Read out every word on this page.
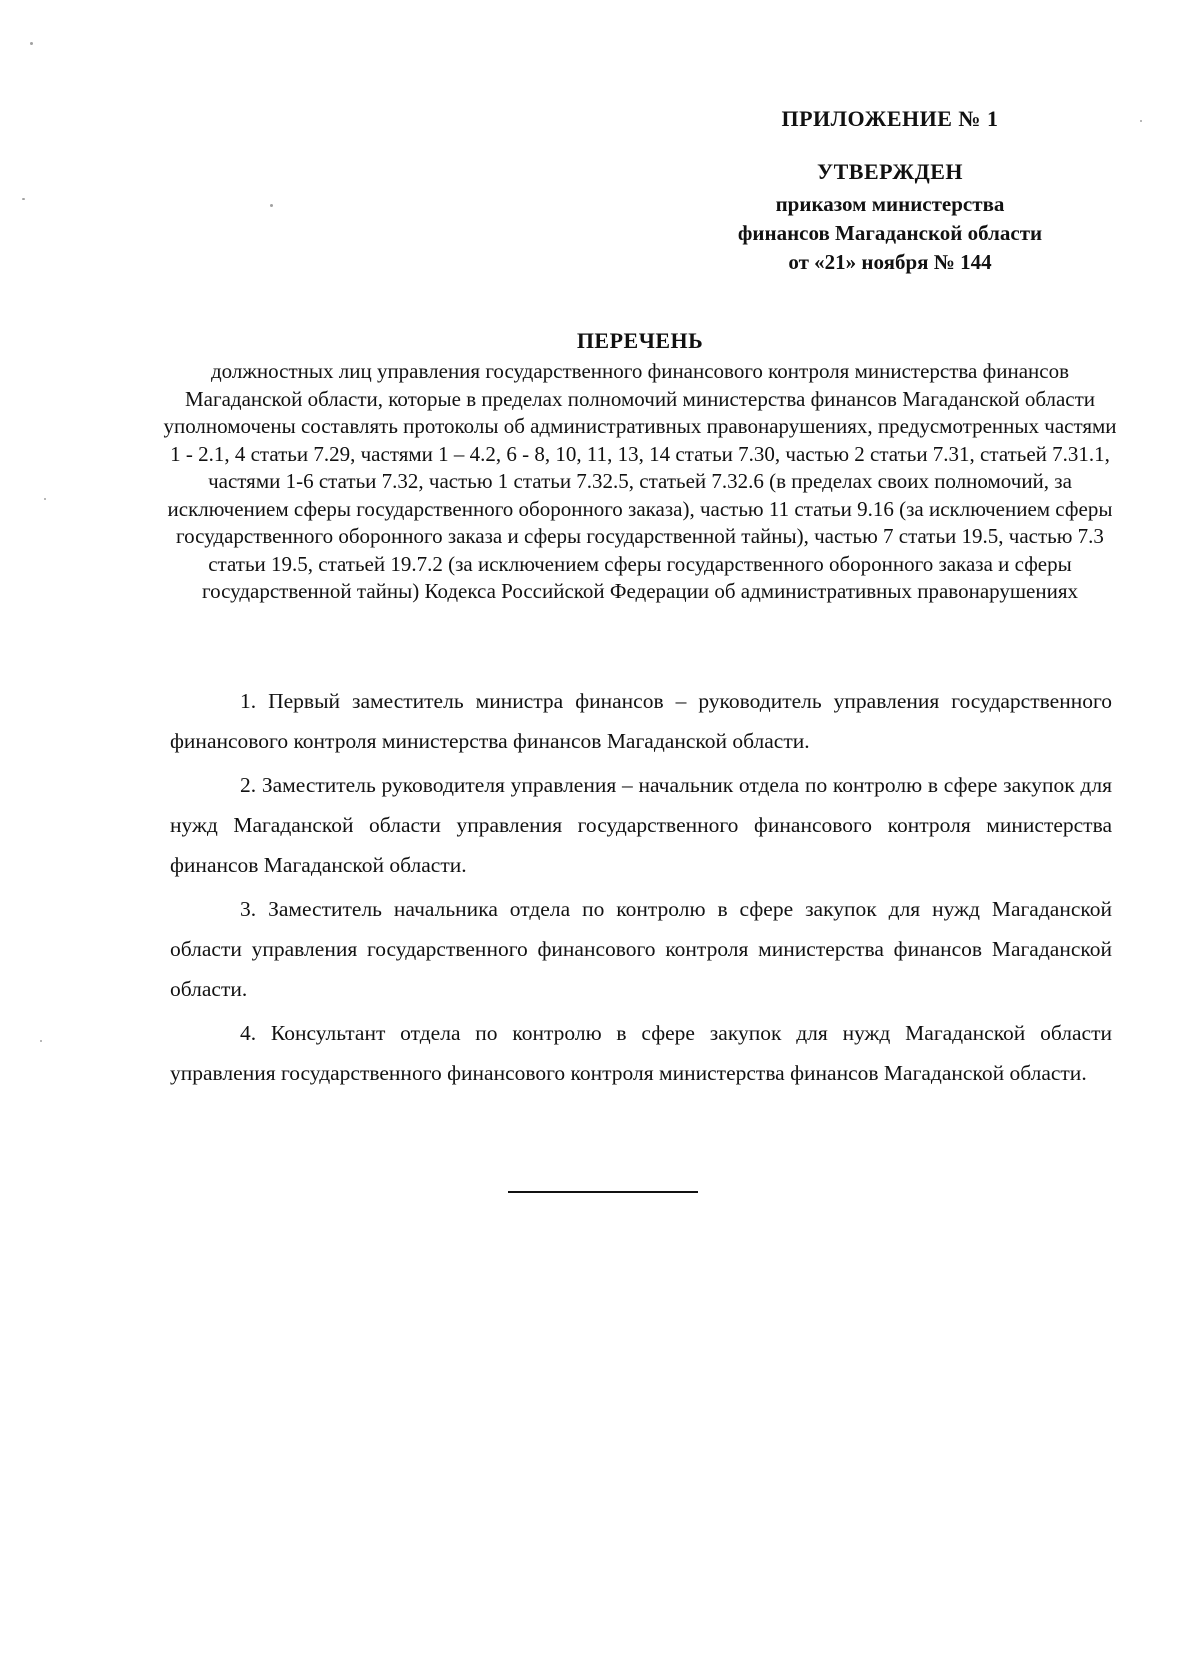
ПРИЛОЖЕНИЕ № 1
УТВЕРЖДЕН
приказом министерства
финансов Магаданской области
от «21» ноября № 144
ПЕРЕЧЕНЬ
должностных лиц управления государственного финансового контроля министерства финансов Магаданской области, которые в пределах полномочий министерства финансов Магаданской области уполномочены составлять протоколы об административных правонарушениях, предусмотренных частями 1 - 2.1, 4 статьи 7.29, частями 1 – 4.2, 6 - 8, 10, 11, 13, 14 статьи 7.30, частью 2 статьи 7.31, статьей 7.31.1, частями 1-6 статьи 7.32, частью 1 статьи 7.32.5, статьей 7.32.6 (в пределах своих полномочий, за исключением сферы государственного оборонного заказа), частью 11 статьи 9.16 (за исключением сферы государственного оборонного заказа и сферы государственной тайны), частью 7 статьи 19.5, частью 7.3 статьи 19.5, статьей 19.7.2 (за исключением сферы государственного оборонного заказа и сферы государственной тайны) Кодекса Российской Федерации об административных правонарушениях

1. Первый заместитель министра финансов – руководитель управления государственного финансового контроля министерства финансов Магаданской области.

2. Заместитель руководителя управления – начальник отдела по контролю в сфере закупок для нужд Магаданской области управления государственного финансового контроля министерства финансов Магаданской области.

3. Заместитель начальника отдела по контролю в сфере закупок для нужд Магаданской области управления государственного финансового контроля министерства финансов Магаданской области.

4. Консультант отдела по контролю в сфере закупок для нужд Магаданской области управления государственного финансового контроля министерства финансов Магаданской области.
